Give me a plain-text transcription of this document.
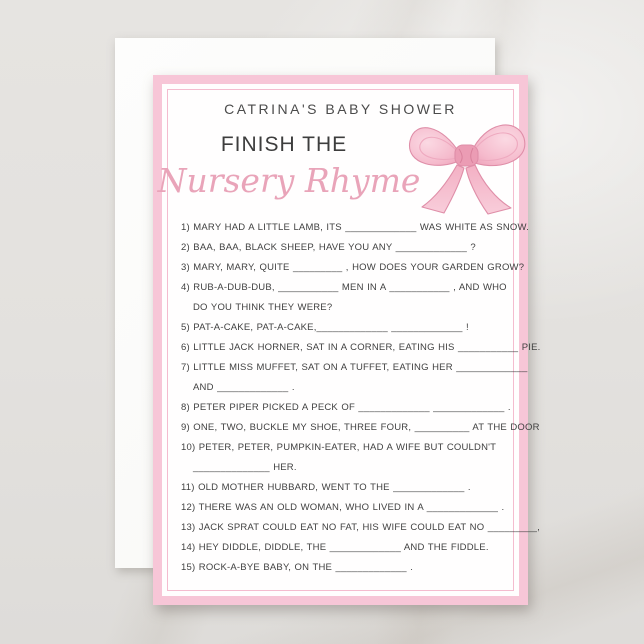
CATRINA'S BABY SHOWER
FINISH THE
Nursery Rhyme
1) MARY HAD A LITTLE LAMB, ITS _____________ WAS WHITE AS SNOW.
2) BAA, BAA, BLACK SHEEP, HAVE YOU ANY _____________ ?
3) MARY, MARY, QUITE _________ , HOW DOES YOUR GARDEN GROW?
4) RUB-A-DUB-DUB, ___________ MEN IN A ___________ , AND WHO
DO YOU THINK THEY WERE?
5) PAT-A-CAKE, PAT-A-CAKE,_____________ _____________ !
6) LITTLE JACK HORNER, SAT IN A CORNER, EATING HIS ___________ PIE.
7) LITTLE MISS MUFFET, SAT ON A TUFFET, EATING HER _____________
AND _____________ .
8) PETER PIPER PICKED A PECK OF _____________ _____________ .
9) ONE, TWO, BUCKLE MY SHOE, THREE FOUR, __________ AT THE DOOR
10) PETER, PETER, PUMPKIN-EATER, HAD A WIFE BUT COULDN'T
______________ HER.
11) OLD MOTHER HUBBARD, WENT TO THE _____________ .
12) THERE WAS AN OLD WOMAN, WHO LIVED IN A _____________ .
13) JACK SPRAT COULD EAT NO FAT, HIS WIFE COULD EAT NO _________,
14) HEY DIDDLE, DIDDLE, THE _____________ AND THE FIDDLE.
15) ROCK-A-BYE BABY, ON THE _____________ .
